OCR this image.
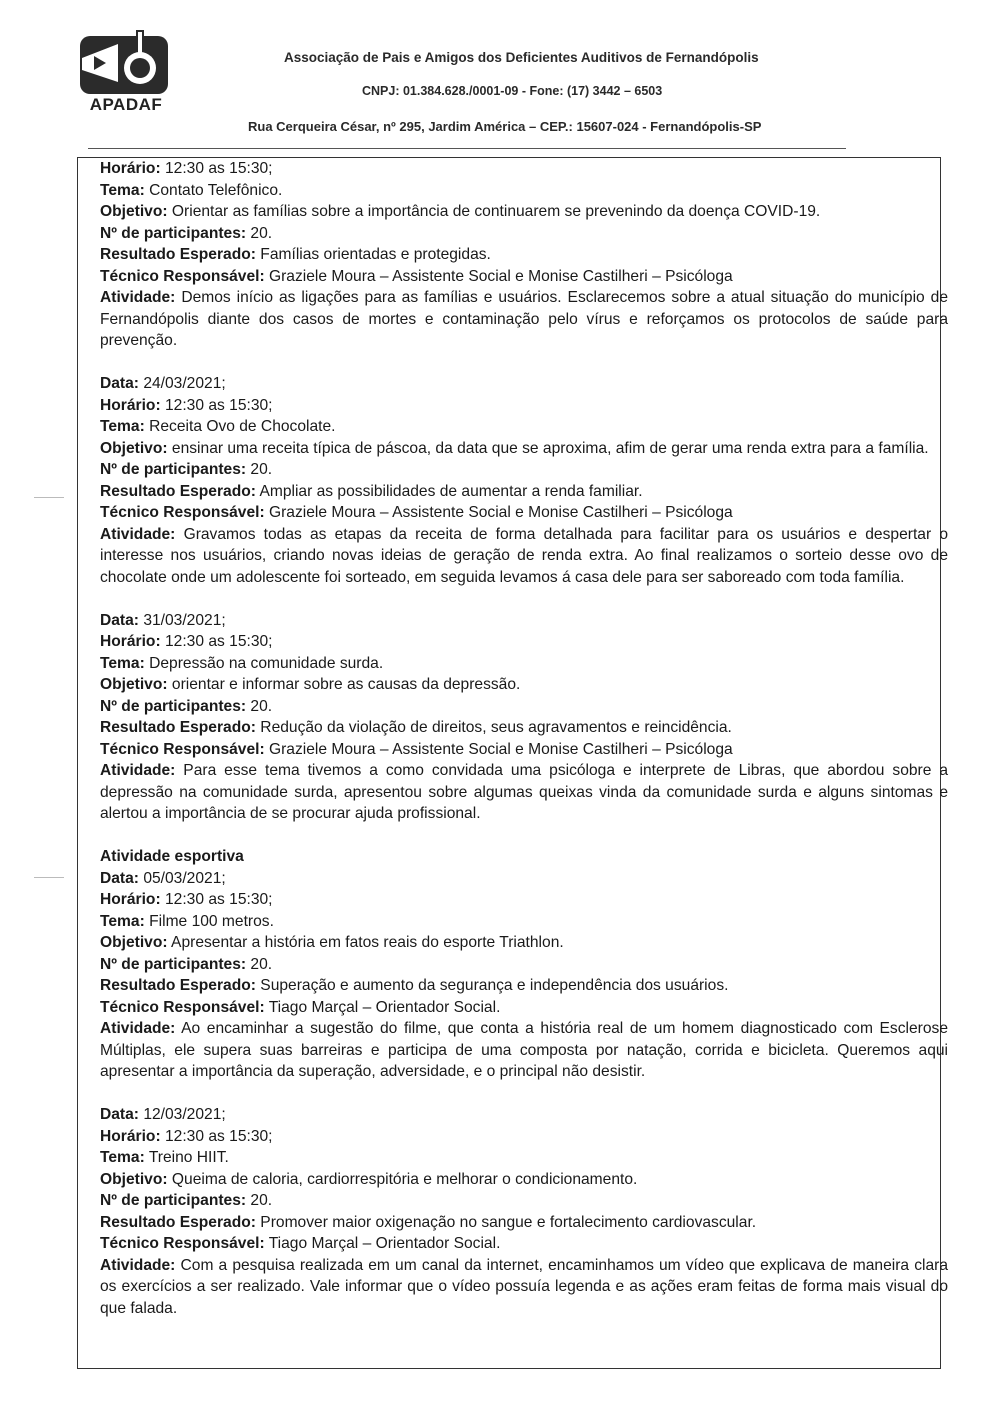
APADAF
Associação de Pais e Amigos dos Deficientes Auditivos de Fernandópolis
CNPJ: 01.384.628./0001-09 - Fone: (17) 3442 – 6503
Rua Cerqueira César, nº 295, Jardim América – CEP.: 15607-024 - Fernandópolis-SP

Horário: 12:30 as 15:30;

Tema: Contato Telefônico.

Objetivo: Orientar as famílias sobre a importância de continuarem se prevenindo da doença COVID-19.

Nº de participantes: 20.

Resultado Esperado: Famílias orientadas e protegidas.

Técnico Responsável: Graziele Moura – Assistente Social e Monise Castilheri – Psicóloga

Atividade: Demos início as ligações para as famílias e usuários. Esclarecemos sobre a atual situação do município de Fernandópolis diante dos casos de mortes e contaminação pelo vírus e reforçamos os protocolos de saúde para prevenção.

Data: 24/03/2021;

Horário: 12:30 as 15:30;

Tema: Receita Ovo de Chocolate.

Objetivo: ensinar uma receita típica de páscoa, da data que se aproxima, afim de gerar uma renda extra para a família.

Nº de participantes: 20.

Resultado Esperado: Ampliar as possibilidades de aumentar a renda familiar.

Técnico Responsável: Graziele Moura – Assistente Social e Monise Castilheri – Psicóloga

Atividade: Gravamos todas as etapas da receita de forma detalhada para facilitar para os usuários e despertar o interesse nos usuários, criando novas ideias de geração de renda extra. Ao final realizamos o sorteio desse ovo de chocolate onde um adolescente foi sorteado, em seguida levamos á casa dele para ser saboreado com toda família.

Data: 31/03/2021;

Horário: 12:30 as 15:30;

Tema: Depressão na comunidade surda.

Objetivo: orientar e informar sobre as causas da depressão.

Nº de participantes: 20.

Resultado Esperado: Redução da violação de direitos, seus agravamentos e reincidência.

Técnico Responsável: Graziele Moura – Assistente Social e Monise Castilheri – Psicóloga

Atividade: Para esse tema tivemos a como convidada uma psicóloga e interprete de Libras, que abordou sobre a depressão na comunidade surda, apresentou sobre algumas queixas vinda da comunidade surda e alguns sintomas e alertou a importância de se procurar ajuda profissional.

Atividade esportiva

Data: 05/03/2021;

Horário: 12:30 as 15:30;

Tema: Filme 100 metros.

Objetivo: Apresentar a história em fatos reais do esporte Triathlon.

Nº de participantes: 20.

Resultado Esperado: Superação e aumento da segurança e independência dos usuários.

Técnico Responsável: Tiago Marçal – Orientador Social.

Atividade: Ao encaminhar a sugestão do filme, que conta a história real de um homem diagnosticado com Esclerose Múltiplas, ele supera suas barreiras e participa de uma composta por natação, corrida e bicicleta. Queremos aqui apresentar a importância da superação, adversidade, e o principal não desistir.

Data: 12/03/2021;

Horário: 12:30 as 15:30;

Tema: Treino HIIT.

Objetivo: Queima de caloria, cardiorrespitória e melhorar o condicionamento.

Nº de participantes: 20.

Resultado Esperado: Promover maior oxigenação no sangue e fortalecimento cardiovascular.

Técnico Responsável: Tiago Marçal – Orientador Social.

Atividade: Com a pesquisa realizada em um canal da internet, encaminhamos um vídeo que explicava de maneira clara os exercícios a ser realizado. Vale informar que o vídeo possuía legenda e as ações eram feitas de forma mais visual do que falada.
